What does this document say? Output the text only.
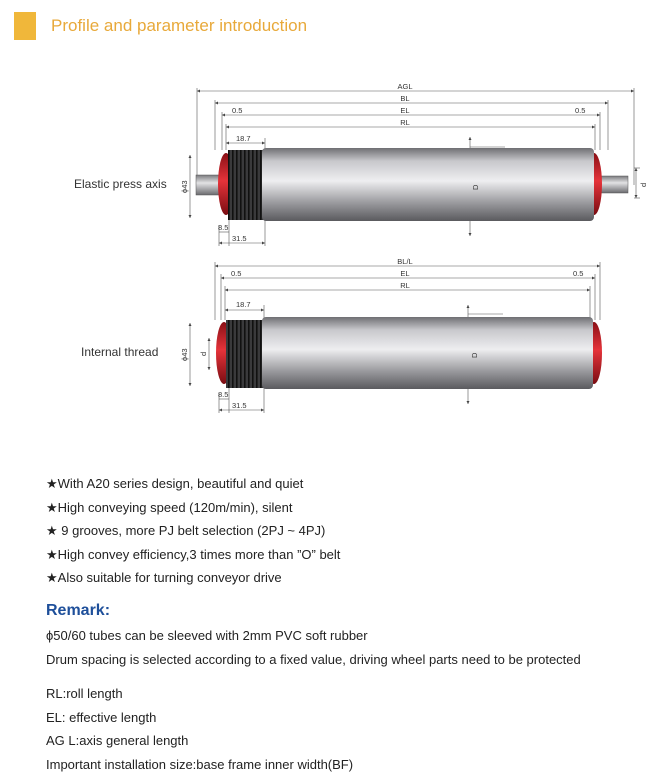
Profile and parameter introduction
Elastic press axis
Internal thread
AGL
BL
EL
RL
0.5	0.5
18.7
8.5
31.5
ϕ43	D	d
BL/L
EL
RL
0.5	0.5
18.7
8.5
31.5
ϕ43 d	D
★With A20 series design, beautiful and quiet
★High conveying speed (120m/min), silent
★ 9 grooves, more PJ belt selection (2PJ ~ 4PJ)
★High convey efficiency,3 times more than ”O” belt
★Also suitable for turning conveyor drive
Remark:
ϕ50/60 tubes can be sleeved with 2mm PVC soft rubber
Drum spacing is selected according to a fixed value, driving wheel parts need to be protected
RL:roll length
EL: effective length
AG L:axis general length
Important installation size:base frame inner width(BF)
